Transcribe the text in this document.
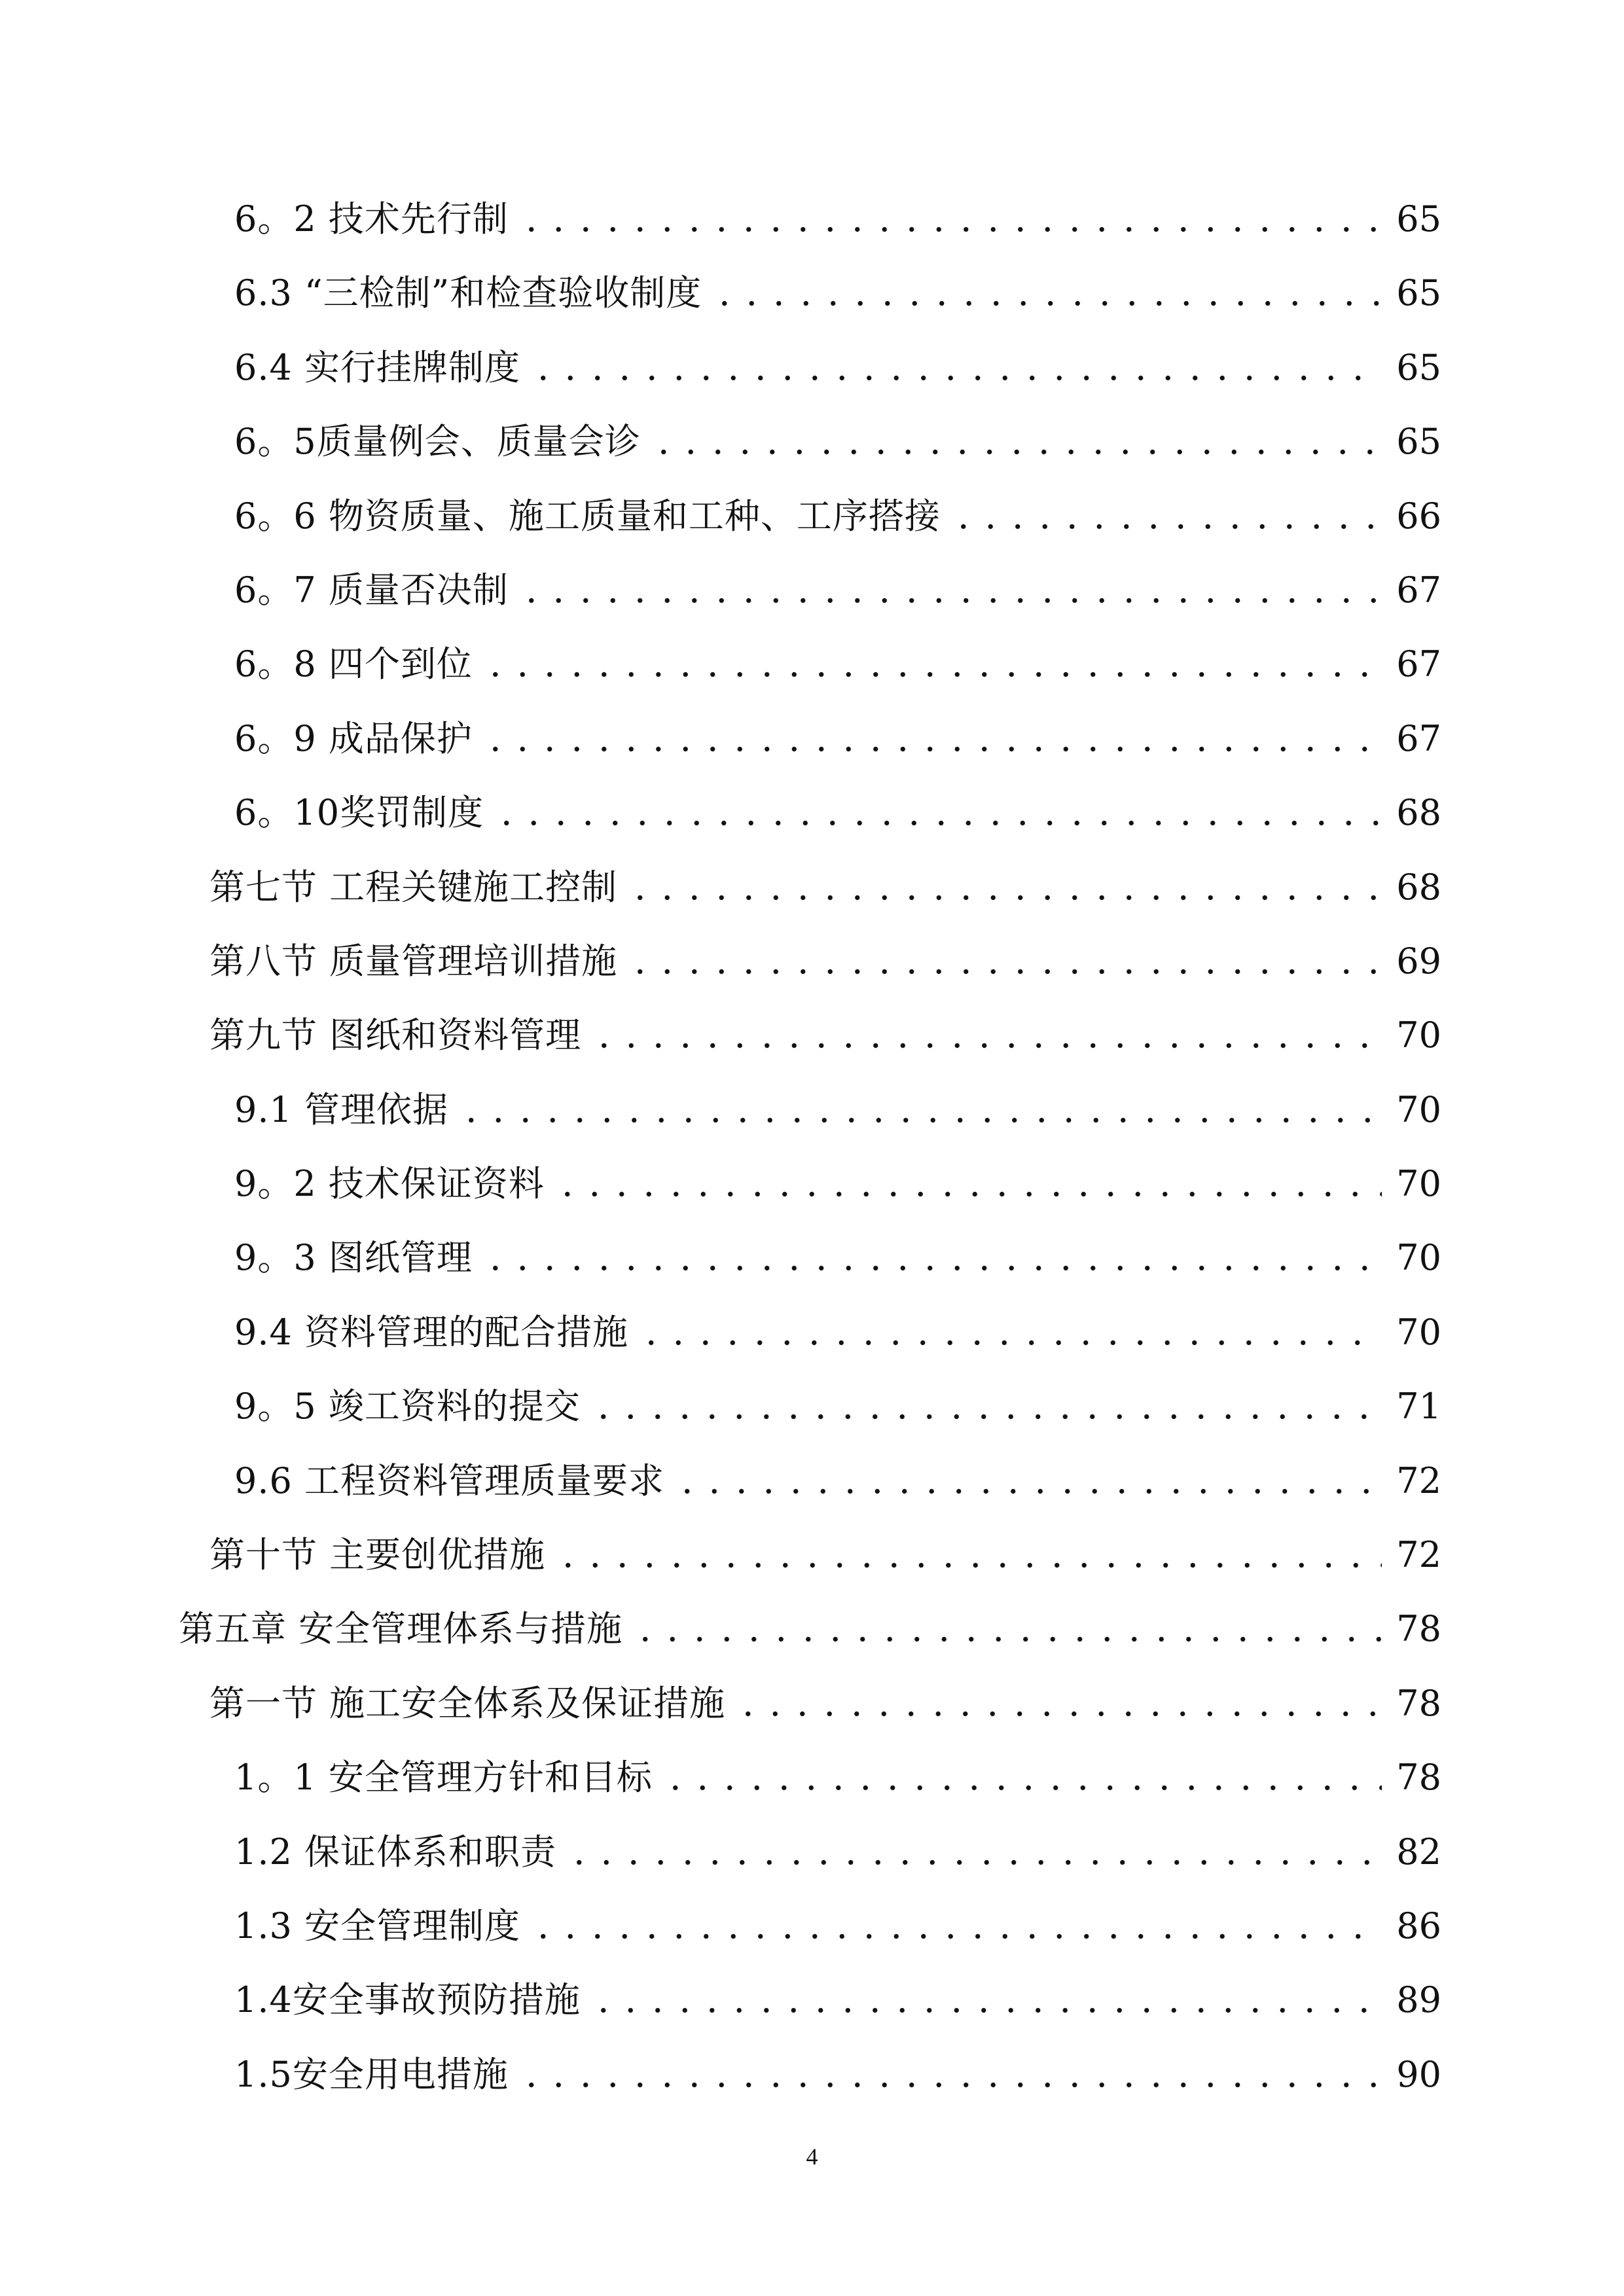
6。2 技术先行制	65
6.3 “三检制”和检查验收制度	65
6.4 实行挂牌制度	65
6。5质量例会、质量会诊	65
6。6 物资质量、施工质量和工种、工序搭接	66
6。7 质量否决制	67
6。8 四个到位	67
6。9 成品保护	67
6。10奖罚制度	68
第七节 工程关键施工控制	68
第八节 质量管理培训措施	69
第九节 图纸和资料管理	70
9.1 管理依据	70
9。2 技术保证资料	70
9。3 图纸管理	70
9.4 资料管理的配合措施	70
9。5 竣工资料的提交	71
9.6 工程资料管理质量要求	72
第十节 主要创优措施	72
第五章 安全管理体系与措施	78
第一节 施工安全体系及保证措施	78
1。1 安全管理方针和目标	78
1.2 保证体系和职责	82
1.3 安全管理制度	86
1.4安全事故预防措施	89
1.5安全用电措施	90
4
